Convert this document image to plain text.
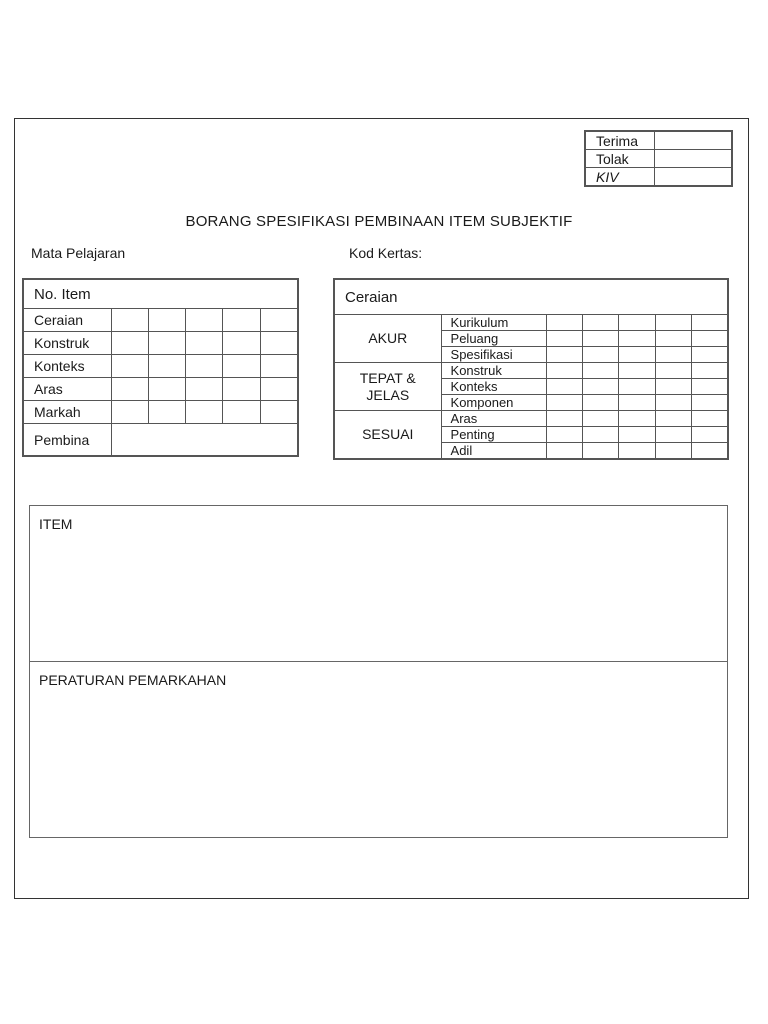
Terima	
Tolak	
KIV	
BORANG SPESIFIKASI PEMBINAAN ITEM SUBJEKTIF
Mata Pelajaran	Kod Kertas:
No. Item					
Ceraian					
Konstruk					
Konteks					
Aras					
Markah					
Pembina					
Ceraian						
AKUR	Kurikulum					
	Peluang					
	Spesifikasi					
TEPAT &
JELAS	Konstruk					
	Konteks					
	Komponen					
SESUAI	Aras					
	Penting					
	Adil					
ITEM
PERATURAN PEMARKAHAN
